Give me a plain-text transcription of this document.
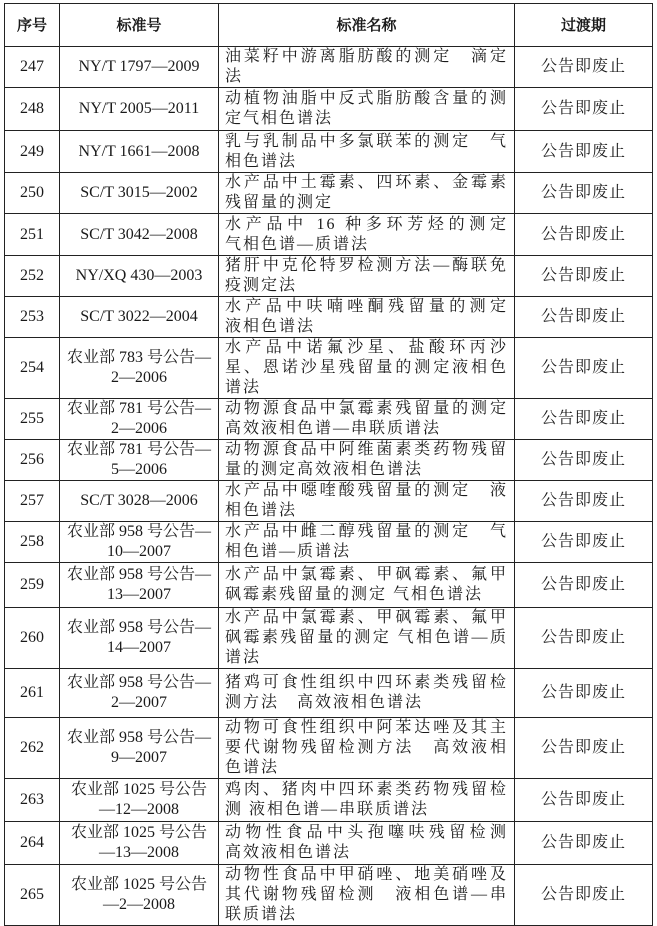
序号	标准号	标准名称	过渡期
247	NY/T 1797—2009	油菜籽中游离脂肪酸的测定　滴定法	公告即废止
248	NY/T 2005—2011	动植物油脂中反式脂肪酸含量的测定气相色谱法	公告即废止
249	NY/T 1661—2008	乳与乳制品中多氯联苯的测定　气相色谱法	公告即废止
250	SC/T 3015—2002	水产品中土霉素、四环素、金霉素残留量的测定	公告即废止
251	SC/T 3042—2008	水产品中 16 种多环芳烃的测定　气相色谱—质谱法	公告即废止
252	NY/XQ 430—2003	猪肝中克伦特罗检测方法—酶联免疫测定法	公告即废止
253	SC/T 3022—2004	水产品中呋喃唑酮残留量的测定　液相色谱法	公告即废止
254	农业部 783 号公告—2—2006	水产品中诺氟沙星、盐酸环丙沙星、恩诺沙星残留量的测定液相色谱法	公告即废止
255	农业部 781 号公告—2—2006	动物源食品中氯霉素残留量的测定高效液相色谱—串联质谱法	公告即废止
256	农业部 781 号公告—5—2006	动物源食品中阿维菌素类药物残留量的测定高效液相色谱法	公告即废止
257	SC/T 3028—2006	水产品中噁喹酸残留量的测定　液相色谱法	公告即废止
258	农业部 958 号公告—10—2007	水产品中雌二醇残留量的测定　气相色谱—质谱法	公告即废止
259	农业部 958 号公告—13—2007	水产品中氯霉素、甲砜霉素、氟甲砜霉素残留量的测定 气相色谱法	公告即废止
260	农业部 958 号公告—14—2007	水产品中氯霉素、甲砜霉素、氟甲砜霉素残留量的测定 气相色谱—质谱法	公告即废止
261	农业部 958 号公告—2—2007	猪鸡可食性组织中四环素类残留检测方法　高效液相色谱法	公告即废止
262	农业部 958 号公告—9—2007	动物可食性组织中阿苯达唑及其主要代谢物残留检测方法　高效液相色谱法	公告即废止
263	农业部 1025 号公告—12—2008	鸡肉、猪肉中四环素类药物残留检测 液相色谱—串联质谱法	公告即废止
264	农业部 1025 号公告—13—2008	动物性食品中头孢噻呋残留检测　高效液相色谱法	公告即废止
265	农业部 1025 号公告—2—2008	动物性食品中甲硝唑、地美硝唑及其代谢物残留检测　液相色谱—串联质谱法	公告即废止
